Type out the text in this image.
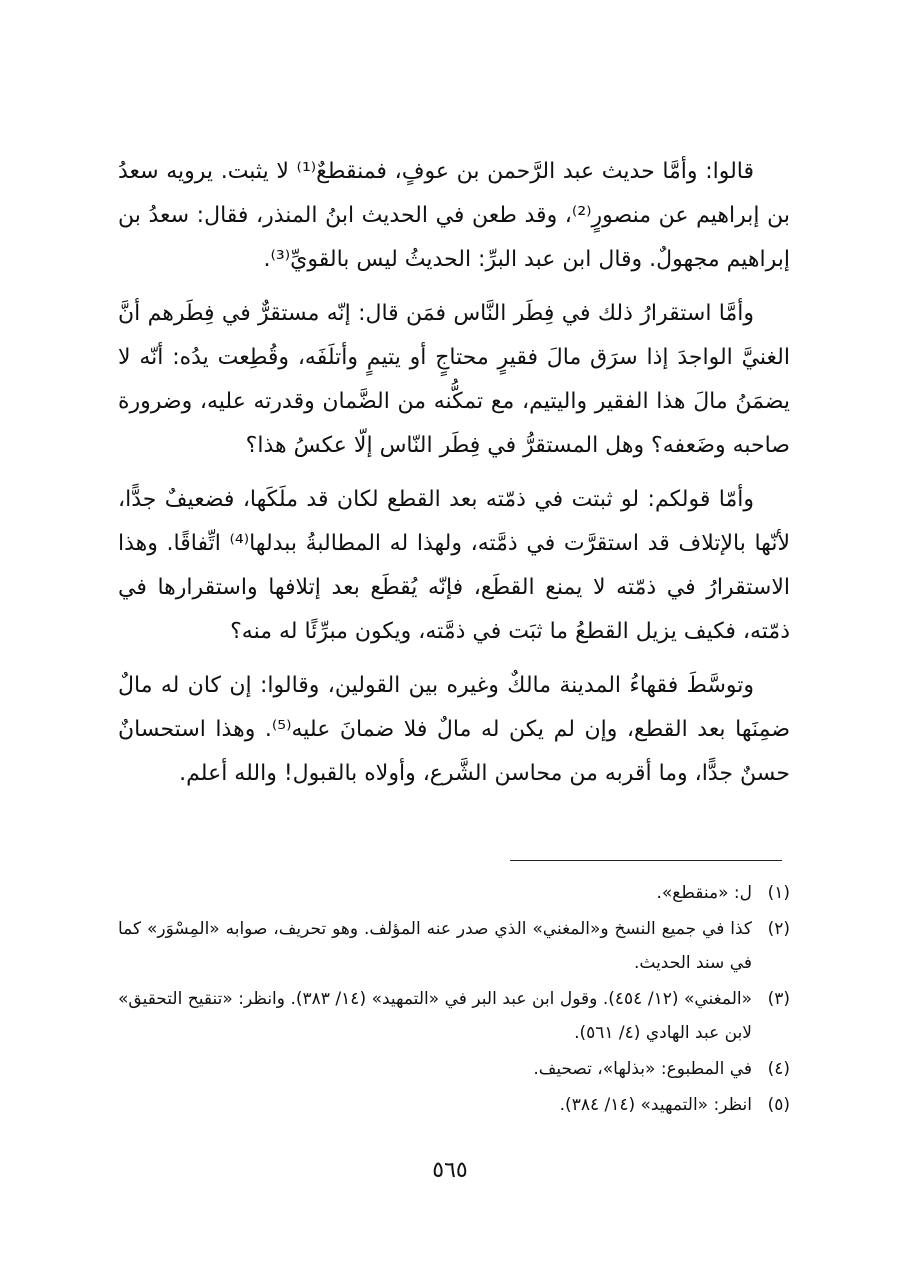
قالوا: وأمَّا حديث عبد الرَّحمن بن عوفٍ، فمنقطعٌ⁽¹⁾ لا يثبت. يرويه سعدُ بن إبراهيم عن منصورٍ⁽²⁾، وقد طعن في الحديث ابنُ المنذر، فقال: سعدُ بن إبراهيم مجهولٌ. وقال ابن عبد البرِّ: الحديثُ ليس بالقويِّ⁽³⁾.

وأمَّا استقرارُ ذلك في فِطَر النَّاس فمَن قال: إنّه مستقرٌّ في فِطَرهم أنَّ الغنيَّ الواجدَ إذا سرَق مالَ فقيرٍ محتاجٍ أو يتيمٍ وأتلَفَه، وقُطِعت يدُه: أنّه لا يضمَنُ مالَ هذا الفقير واليتيم، مع تمكُّنه من الضَّمان وقدرته عليه، وضرورة صاحبه وضَعفه؟ وهل المستقرُّ في فِطَر النّاس إلّا عكسُ هذا؟

وأمّا قولكم: لو ثبتت في ذمّته بعد القطع لكان قد ملَكَها، فضعيفٌ جدًّا، لأنّها بالإتلاف قد استقرَّت في ذمَّته، ولهذا له المطالبةُ ببدلها⁽⁴⁾ اتِّفاقًا. وهذا الاستقرارُ في ذمّته لا يمنع القطَع، فإنّه يُقطَع بعد إتلافها واستقرارها في ذمّته، فكيف يزيل القطعُ ما ثبَت في ذمَّته، ويكون مبرِّئًا له منه؟

وتوسَّطَ فقهاءُ المدينة مالكٌ وغيره بين القولين، وقالوا: إن كان له مالٌ ضمِنَها بعد القطع، وإن لم يكن له مالٌ فلا ضمانَ عليه⁽⁵⁾. وهذا استحسانٌ حسنٌ جدًّا، وما أقربه من محاسن الشَّرع، وأولاه بالقبول! والله أعلم.

(١)
ل: «منقطع».
(٢)
كذا في جميع النسخ و«المغني» الذي صدر عنه المؤلف. وهو تحريف، صوابه «المِسْوَر» كما في سند الحديث.
(٣)
«المغني» (١٢/ ٤٥٤). وقول ابن عبد البر في «التمهيد» (١٤/ ٣٨٣). وانظر: «تنقيح التحقيق» لابن عبد الهادي (٤/ ٥٦١).
(٤)
في المطبوع: «بذلها»، تصحيف.
(٥)
انظر: «التمهيد» (١٤/ ٣٨٤).
٥٦٥
